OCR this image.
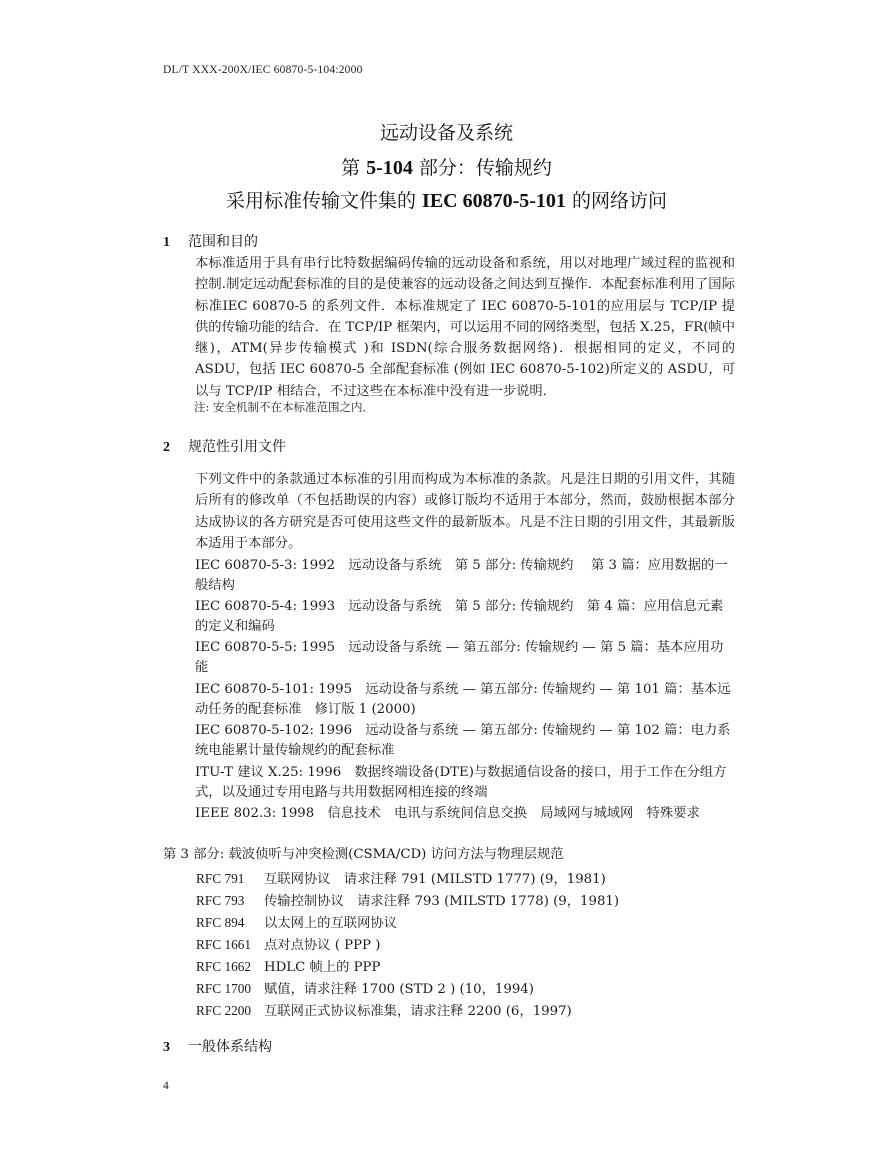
DL/T XXX-200X/IEC 60870-5-104:2000
远动设备及系统
第 5-104 部分：传输规约
采用标准传输文件集的 IEC 60870-5-101 的网络访问
1 范围和目的
本标准适用于具有串行比特数据编码传输的远动设备和系统，用以对地理广域过程的监视和控制.制定远动配套标准的目的是使兼容的远动设备之间达到互操作．本配套标准利用了国际标准IEC 60870-5 的系列文件．本标准规定了 IEC 60870-5-101的应用层与 TCP/IP 提供的传输功能的结合．在 TCP/IP 框架内，可以运用不同的网络类型，包括 X.25，FR(帧中继)，ATM(异步传输模式 )和 ISDN(综合服务数据网络)．根据相同的定义，不同的 ASDU，包括 IEC 60870-5 全部配套标准 (例如 IEC 60870-5-102)所定义的 ASDU，可以与 TCP/IP 相结合，不过这些在本标准中没有进一步说明．
注: 安全机制不在本标准范围之内．
2 规范性引用文件
下列文件中的条款通过本标准的引用而构成为本标准的条款。凡是注日期的引用文件，其随后所有的修改单（不包括勘误的内容）或修订版均不适用于本部分，然而，鼓励根据本部分达成协议的各方研究是否可使用这些文件的最新版本。凡是不注日期的引用文件，其最新版本适用于本部分。
IEC 60870-5-3: 1992　远动设备与系统　第 5 部分: 传输规约　 第 3 篇：应用数据的一般结构
IEC 60870-5-4: 1993　远动设备与系统　第 5 部分: 传输规约　第 4 篇：应用信息元素的定义和编码
IEC 60870-5-5: 1995　远动设备与系统 — 第五部分: 传输规约 — 第 5 篇：基本应用功能
IEC 60870-5-101: 1995　远动设备与系统 — 第五部分: 传输规约 — 第 101 篇：基本远动任务的配套标准　修订版 1 (2000)
IEC 60870-5-102: 1996　远动设备与系统 — 第五部分: 传输规约 — 第 102 篇：电力系统电能累计量传输规约的配套标准
ITU-T 建议 X.25: 1996　数据终端设备(DTE)与数据通信设备的接口，用于工作在分组方式，以及通过专用电路与共用数据网相连接的终端
IEEE 802.3: 1998　信息技术　电讯与系统间信息交换　局域网与城域网　特殊要求
第 3 部分: 载波侦听与冲突检测(CSMA/CD) 访问方法与物理层规范
RFC 791 互联网协议　请求注释 791 (MILSTD 1777) (9，1981)
RFC 793 传输控制协议　请求注释 793 (MILSTD 1778) (9，1981)
RFC 894 以太网上的互联网协议
RFC 1661 点对点协议 ( PPP )
RFC 1662 HDLC 帧上的 PPP
RFC 1700 赋值，请求注释 1700 (STD 2 ) (10，1994)
RFC 2200 互联网正式协议标准集，请求注释 2200 (6，1997)
3 一般体系结构
4
